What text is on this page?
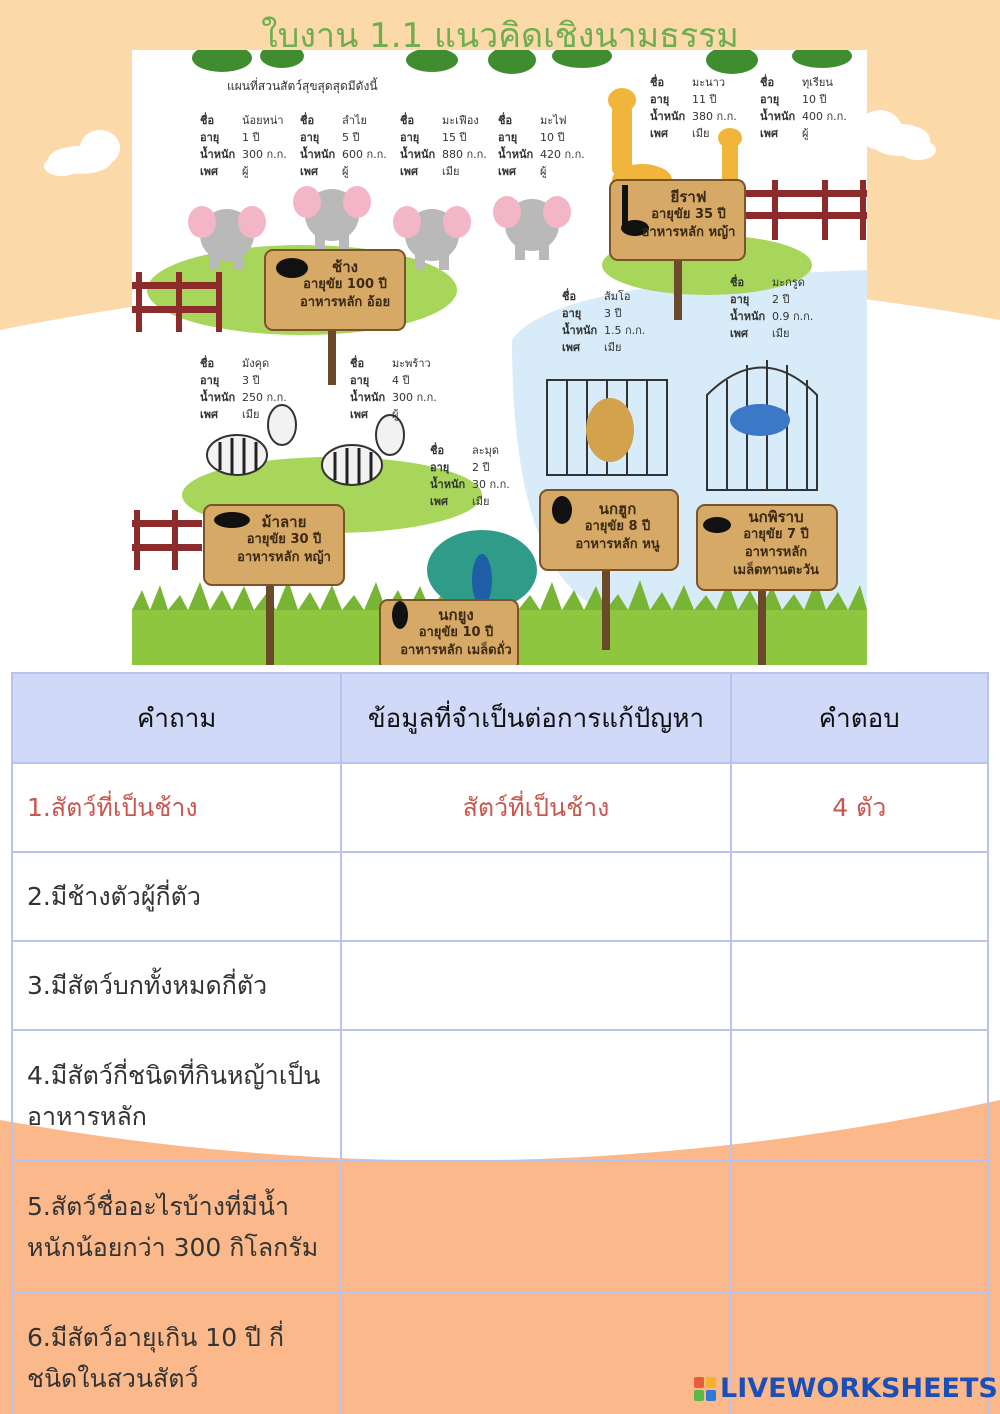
ใบงาน 1.1 แนวคิดเชิงนามธรรม
แผนที่สวนสัตว์สุขสุดสุดมีดังนี้
ชื่อ	น้อยหน่า
อายุ	1 ปี
น้ำหนัก 300 ก.ก.
เพศ	ผู้
ชื่อ	ลำไย
อายุ	5 ปี
น้ำหนัก 600 ก.ก.
เพศ	ผู้
ชื่อ	มะเฟือง
อายุ	15 ปี
น้ำหนัก 880 ก.ก.
เพศ	เมีย
ชื่อ	มะไฟ
อายุ	10 ปี
น้ำหนัก 420 ก.ก.
เพศ	ผู้
ชื่อ	มะนาว
อายุ	11 ปี
น้ำหนัก 380 ก.ก.
เพศ	เมีย
ชื่อ	ทุเรียน
อายุ	10 ปี
น้ำหนัก 400 ก.ก.
เพศ	ผู้
ชื่อ	ส้มโอ
อายุ	3 ปี
น้ำหนัก 1.5 ก.ก.
เพศ	เมีย
ชื่อ	มะกรูด
อายุ	2 ปี
น้ำหนัก 0.9 ก.ก.
เพศ	เมีย
ชื่อ	มังคุด
อายุ	3 ปี
น้ำหนัก 250 ก.ก.
เพศ	เมีย
ชื่อ	มะพร้าว
อายุ	4 ปี
น้ำหนัก 300 ก.ก.
เพศ	ผู้
ชื่อ	ละมุด
อายุ	2 ปี
น้ำหนัก 30 ก.ก.
เพศ	เมีย
ช้าง
อายุขัย 100 ปี
อาหารหลัก อ้อย
ยีราฟ
อายุขัย 35 ปี
อาหารหลัก หญ้า
ม้าลาย
อายุขัย 30 ปี
อาหารหลัก หญ้า
นกฮูก
อายุขัย 8 ปี
อาหารหลัก หนู
นกพิราบ
อายุขัย 7 ปี
อาหารหลัก
เมล็ดทานตะวัน
นกยูง
อายุขัย 10 ปี
อาหารหลัก เมล็ดถั่ว
คำถาม	ข้อมูลที่จำเป็นต่อการแก้ปัญหา	คำตอบ
1.สัตว์ที่เป็นช้าง	สัตว์ที่เป็นช้าง	4 ตัว
2.มีช้างตัวผู้กี่ตัว		
3.มีสัตว์บกทั้งหมดกี่ตัว		
4.มีสัตว์กี่ชนิดที่กินหญ้าเป็นอาหารหลัก		
5.สัตว์ชื่ออะไรบ้างที่มีน้ำหนักน้อยกว่า 300 กิโลกรัม		
6.มีสัตว์อายุเกิน 10 ปี กี่ชนิดในสวนสัตว์			LIVEWORKSHEETS
